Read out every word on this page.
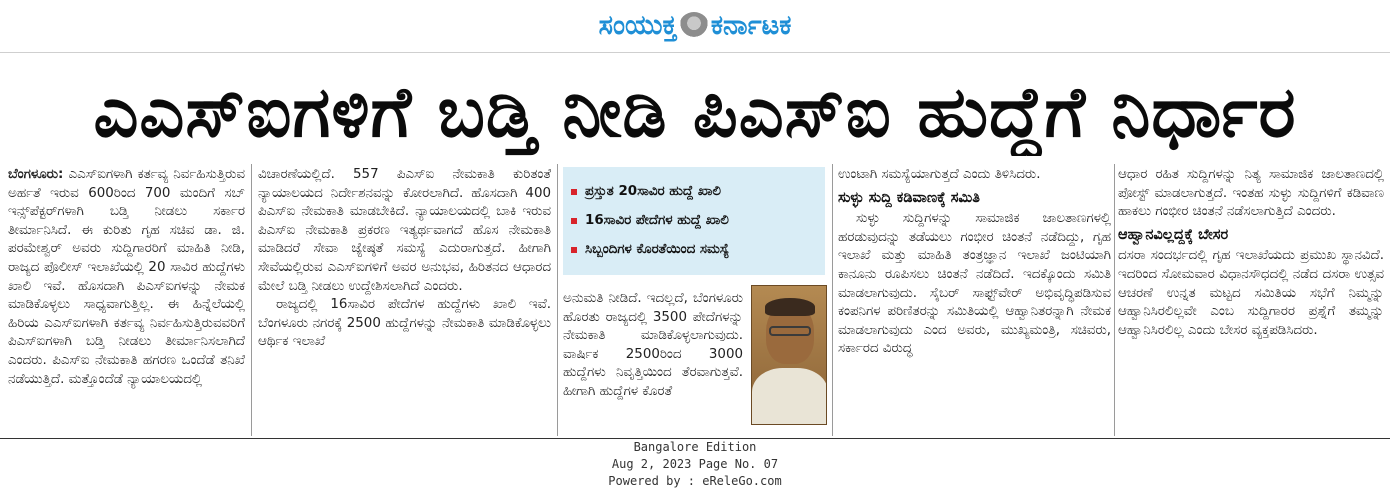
ಸಂಯುಕ್ತ ಕರ್ನಾಟಕ
ಎಎಸ್‌ಐಗಳಿಗೆ ಬಡ್ತಿ ನೀಡಿ ಪಿಎಸ್‌ಐ ಹುದ್ದೆಗೆ ನಿರ್ಧಾರ

ಬೆಂಗಳೂರು: ಎಎಸ್‌ಐಗಳಾಗಿ ಕರ್ತವ್ಯ ನಿರ್ವಹಿಸುತ್ತಿರುವ ಅರ್ಹತೆ ಇರುವ 600ರಿಂದ 700 ಮಂದಿಗೆ ಸಬ್ ಇನ್ಸ್‌ಪೆಕ್ಟರ್‌ಗಳಾಗಿ ಬಡ್ತಿ ನೀಡಲು ಸರ್ಕಾರ ತೀರ್ಮಾನಿಸಿದೆ. ಈ ಕುರಿತು ಗೃಹ ಸಚಿವ ಡಾ. ಜಿ. ಪರಮೇಶ್ವರ್ ಅವರು ಸುದ್ದಿಗಾರರಿಗೆ ಮಾಹಿತಿ ನೀಡಿ, ರಾಜ್ಯದ ಪೊಲೀಸ್ ಇಲಾಖೆಯಲ್ಲಿ 20 ಸಾವಿರ ಹುದ್ದೆಗಳು ಖಾಲಿ ಇವೆ. ಹೊಸದಾಗಿ ಪಿಎಸ್‌ಐಗಳನ್ನು ನೇಮಕ ಮಾಡಿಕೊಳ್ಳಲು ಸಾಧ್ಯವಾಗುತ್ತಿಲ್ಲ. ಈ ಹಿನ್ನೆಲೆಯಲ್ಲಿ ಹಿರಿಯ ಎಎಸ್‌ಐಗಳಾಗಿ ಕರ್ತವ್ಯ ನಿರ್ವಹಿಸುತ್ತಿರುವವರಿಗೆ ಪಿಎಸ್‌ಐಗಳಾಗಿ ಬಡ್ತಿ ನೀಡಲು ತೀರ್ಮಾನಿಸಲಾಗಿದೆ ಎಂದರು. ಪಿಎಸ್‌ಐ ನೇಮಕಾತಿ ಹಗರಣ ಒಂದೆಡೆ ತನಿಖೆ ನಡೆಯುತ್ತಿದೆ. ಮತ್ತೊಂದೆಡೆ ನ್ಯಾಯಾಲಯದಲ್ಲಿ

ವಿಚಾರಣೆಯಲ್ಲಿದೆ. 557 ಪಿಎಸ್‌ಐ ನೇಮಕಾತಿ ಕುರಿತಂತೆ ನ್ಯಾಯಾಲಯದ ನಿರ್ದೇಶನವನ್ನು ಕೋರಲಾಗಿದೆ. ಹೊಸದಾಗಿ 400 ಪಿಎಸ್‌ಐ ನೇಮಕಾತಿ ಮಾಡಬೇಕಿದೆ. ನ್ಯಾಯಾಲಯದಲ್ಲಿ ಬಾಕಿ ಇರುವ ಪಿಎಸ್‌ಐ ನೇಮಕಾತಿ ಪ್ರಕರಣ ಇತ್ಯರ್ಥವಾಗದೆ ಹೊಸ ನೇಮಕಾತಿ ಮಾಡಿದರೆ ಸೇವಾ ಜ್ಯೇಷ್ಠತೆ ಸಮಸ್ಯೆ ಎದುರಾಗುತ್ತದೆ. ಹೀಗಾಗಿ ಸೇವೆಯಲ್ಲಿರುವ ಎಎಸ್‌ಐಗಳಿಗೆ ಅವರ ಅನುಭವ, ಹಿರಿತನದ ಆಧಾರದ ಮೇಲೆ ಬಡ್ತಿ ನೀಡಲು ಉದ್ದೇಶಿಸಲಾಗಿದೆ ಎಂದರು.

ರಾಜ್ಯದಲ್ಲಿ 16ಸಾವಿರ ಪೇದೆಗಳ ಹುದ್ದೆಗಳು ಖಾಲಿ ಇವೆ. ಬೆಂಗಳೂರು ನಗರಕ್ಕೆ 2500 ಹುದ್ದೆಗಳನ್ನು ನೇಮಕಾತಿ ಮಾಡಿಕೊಳ್ಳಲು ಆರ್ಥಿಕ ಇಲಾಖೆ

ಪ್ರಸ್ತುತ 20ಸಾವಿರ ಹುದ್ದೆ ಖಾಲಿ
16ಸಾವಿರ ಪೇದೆಗಳ ಹುದ್ದೆ ಖಾಲಿ
ಸಿಬ್ಬಂದಿಗಳ ಕೊರತೆಯಿಂದ ಸಮಸ್ಯೆ
ಅನುಮತಿ ನೀಡಿದೆ. ಇದಲ್ಲದೆ, ಬೆಂಗಳೂರು ಹೊರತು ರಾಜ್ಯದಲ್ಲಿ 3500 ಪೇದೆಗಳನ್ನು ನೇಮಕಾತಿ ಮಾಡಿಕೊಳ್ಳಲಾಗುವುದು. ವಾರ್ಷಿಕ 2500ರಿಂದ 3000 ಹುದ್ದೆಗಳು ನಿವೃತ್ತಿಯಿಂದ ತೆರವಾಗುತ್ತವೆ. ಹೀಗಾಗಿ ಹುದ್ದೆಗಳ ಕೊರತೆ

ಉಂಟಾಗಿ ಸಮಸ್ಯೆಯಾಗುತ್ತದೆ ಎಂದು ತಿಳಿಸಿದರು.

ಸುಳ್ಳು ಸುದ್ದಿ ಕಡಿವಾಣಕ್ಕೆ ಸಮಿತಿ

ಸುಳ್ಳು ಸುದ್ದಿಗಳನ್ನು ಸಾಮಾಜಿಕ ಜಾಲತಾಣಗಳಲ್ಲಿ ಹರಡುವುದನ್ನು ತಡೆಯಲು ಗಂಭೀರ ಚಿಂತನೆ ನಡೆದಿದ್ದು, ಗೃಹ ಇಲಾಖೆ ಮತ್ತು ಮಾಹಿತಿ ತಂತ್ರಜ್ಞಾನ ಇಲಾಖೆ ಜಂಟಿಯಾಗಿ ಕಾನೂನು ರೂಪಿಸಲು ಚಿಂತನೆ ನಡೆದಿದೆ. ಇದಕ್ಕೊಂದು ಸಮಿತಿ ಮಾಡಲಾಗುವುದು. ಸೈಬರ್ ಸಾಫ್ಟ್‌ವೇರ್ ಅಭಿವೃದ್ಧಿಪಡಿಸುವ ಕಂಪನಿಗಳ ಪರಿಣಿತರನ್ನು ಸಮಿತಿಯಲ್ಲಿ ಆಹ್ವಾನಿತರನ್ನಾಗಿ ನೇಮಕ ಮಾಡಲಾಗುವುದು ಎಂದ ಅವರು, ಮುಖ್ಯಮಂತ್ರಿ, ಸಚಿವರು, ಸರ್ಕಾರದ ವಿರುದ್ಧ

ಆಧಾರ ರಹಿತ ಸುದ್ದಿಗಳನ್ನು ನಿತ್ಯ ಸಾಮಾಜಿಕ ಜಾಲತಾಣದಲ್ಲಿ ಪೋಸ್ಟ್ ಮಾಡಲಾಗುತ್ತದೆ. ಇಂತಹ ಸುಳ್ಳು ಸುದ್ದಿಗಳಿಗೆ ಕಡಿವಾಣ ಹಾಕಲು ಗಂಭೀರ ಚಿಂತನೆ ನಡೆಸಲಾಗುತ್ತಿದೆ ಎಂದರು.

ಆಹ್ವಾನವಿಲ್ಲದ್ದಕ್ಕೆ ಬೇಸರ

ದಸರಾ ಸಂದರ್ಭದಲ್ಲಿ ಗೃಹ ಇಲಾಖೆಯದು ಪ್ರಮುಖ ಸ್ಥಾನವಿದೆ. ಇದರಿಂದ ಸೋಮವಾರ ವಿಧಾನಸೌಧದಲ್ಲಿ ನಡೆದ ದಸರಾ ಉತ್ಸವ ಆಚರಣೆ ಉನ್ನತ ಮಟ್ಟದ ಸಮಿತಿಯ ಸಭೆಗೆ ನಿಮ್ಮನ್ನು ಆಹ್ವಾನಿಸಿರಲಿಲ್ಲವೇ ಎಂಬ ಸುದ್ದಿಗಾರರ ಪ್ರಶ್ನೆಗೆ ತಮ್ಮನ್ನು ಆಹ್ವಾನಿಸಿರಲಿಲ್ಲ ಎಂದು ಬೇಸರ ವ್ಯಕ್ತಪಡಿಸಿದರು.

Bangalore Edition
Aug 2, 2023 Page No. 07
Powered by : eReleGo.com
